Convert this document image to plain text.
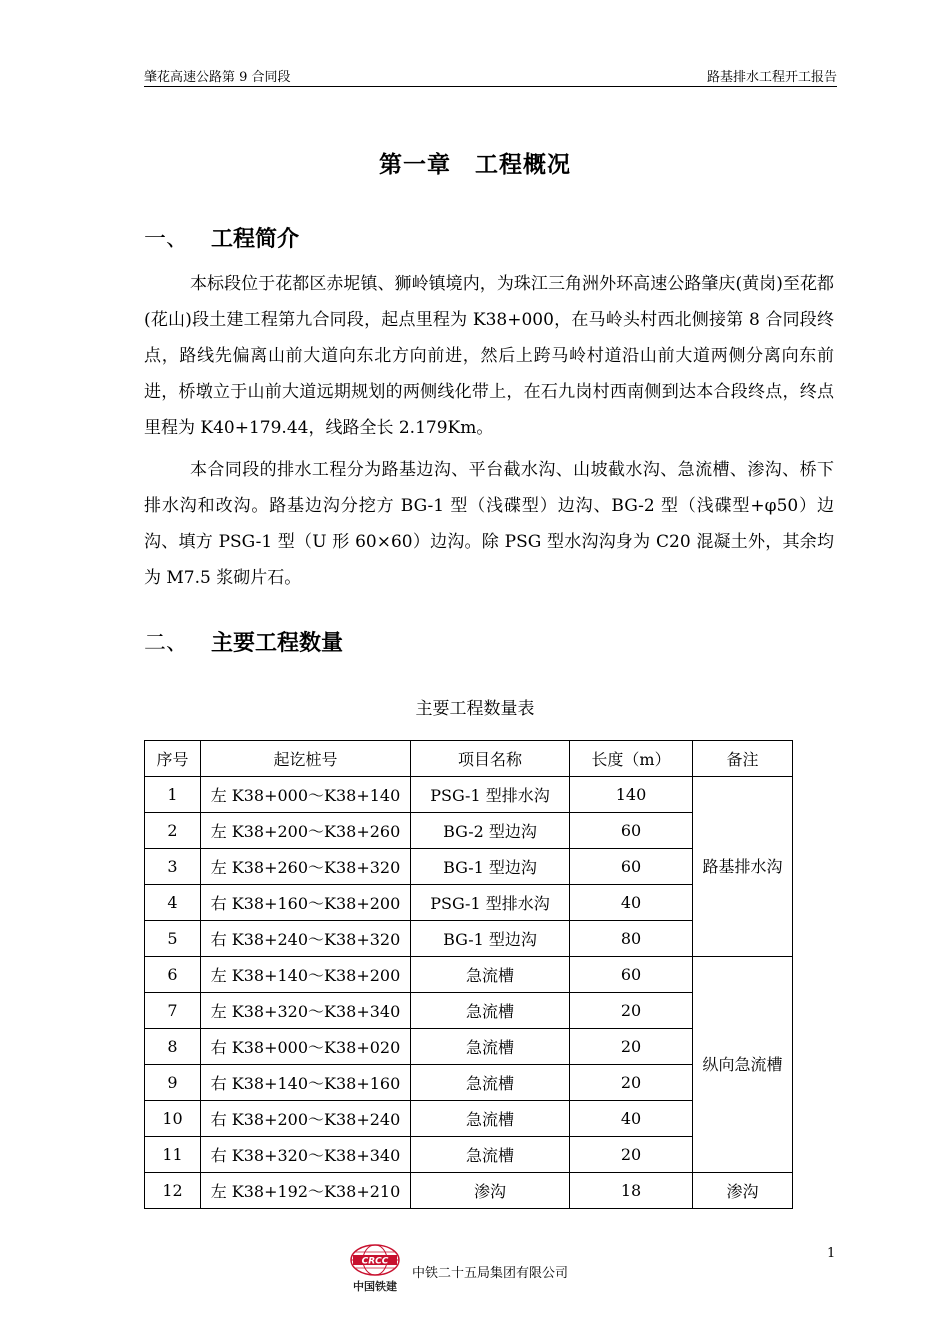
肇花高速公路第 9 合同段	路基排水工程开工报告
第一章 工程概况
一、 工程简介
本标段位于花都区赤坭镇、狮岭镇境内，为珠江三角洲外环高速公路肇庆(黄岗)至花都(花山)段土建工程第九合同段，起点里程为 K38+000，在马岭头村西北侧接第 8 合同段终点，路线先偏离山前大道向东北方向前进，然后上跨马岭村道沿山前大道两侧分离向东前进，桥墩立于山前大道远期规划的两侧线化带上，在石九岗村西南侧到达本合段终点，终点里程为 K40+179.44，线路全长 2.179Km。
本合同段的排水工程分为路基边沟、平台截水沟、山坡截水沟、急流槽、渗沟、桥下排水沟和改沟。路基边沟分挖方 BG-1 型（浅碟型）边沟、BG-2 型（浅碟型+φ50）边沟、填方 PSG-1 型（U 形 60×60）边沟。除 PSG 型水沟沟身为 C20 混凝土外，其余均为 M7.5 浆砌片石。
二、 主要工程数量
主要工程数量表
序号	起讫桩号	项目名称	长度（m）	备注
1	左 K38+000～K38+140	PSG-1 型排水沟	140	路基排水沟
2	左 K38+200～K38+260	BG-2 型边沟	60	
3	左 K38+260～K38+320	BG-1 型边沟	60	
4	右 K38+160～K38+200	PSG-1 型排水沟	40	
5	右 K38+240～K38+320	BG-1 型边沟	80	
6	左 K38+140～K38+200	急流槽	60	纵向急流槽
7	左 K38+320～K38+340	急流槽	20	
8	右 K38+000～K38+020	急流槽	20	
9	右 K38+140～K38+160	急流槽	20	
10	右 K38+200～K38+240	急流槽	40	
11	右 K38+320～K38+340	急流槽	20	
12	左 K38+192～K38+210	渗沟	18	渗沟
CRCC
中国铁建
中铁二十五局集团有限公司
1
